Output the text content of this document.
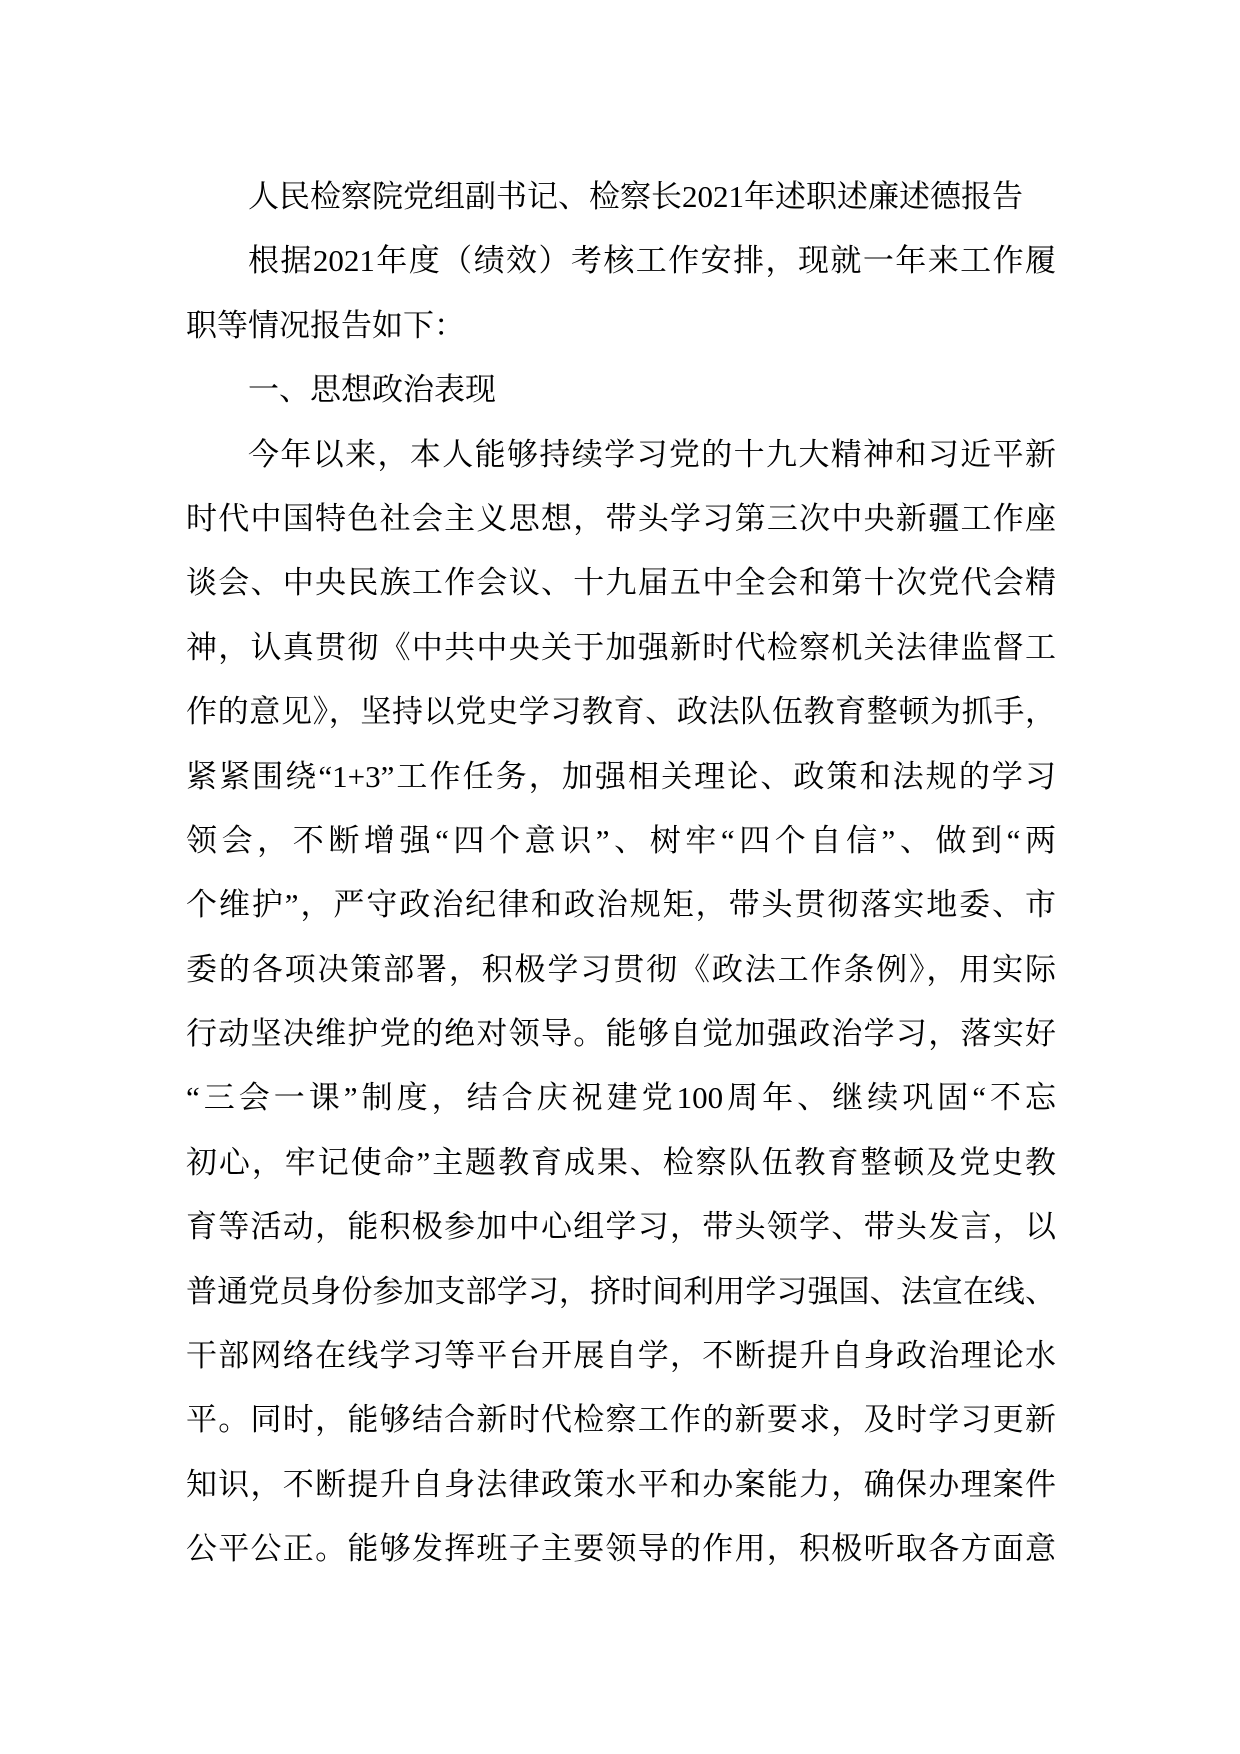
人民检察院党组副书记、检察长2021年述职述廉述德报告
根据2021年度（绩效）考核工作安排，现就一年来工作履
职等情况报告如下：
一、思想政治表现
今年以来，本人能够持续学习党的十九大精神和习近平新
时代中国特色社会主义思想，带头学习第三次中央新疆工作座
谈会、中央民族工作会议、十九届五中全会和第十次党代会精
神，认真贯彻《中共中央关于加强新时代检察机关法律监督工
作的意见》，坚持以党史学习教育、政法队伍教育整顿为抓手，
紧紧围绕“1+3”工作任务，加强相关理论、政策和法规的学习
领会，不断增强“四个意识”、树牢“四个自信”、做到“两
个维护”，严守政治纪律和政治规矩，带头贯彻落实地委、市
委的各项决策部署，积极学习贯彻《政法工作条例》，用实际
行动坚决维护党的绝对领导。能够自觉加强政治学习，落实好
“三会一课”制度，结合庆祝建党100周年、继续巩固“不忘
初心，牢记使命”主题教育成果、检察队伍教育整顿及党史教
育等活动，能积极参加中心组学习，带头领学、带头发言，以
普通党员身份参加支部学习，挤时间利用学习强国、法宣在线、
干部网络在线学习等平台开展自学，不断提升自身政治理论水
平。同时，能够结合新时代检察工作的新要求，及时学习更新
知识，不断提升自身法律政策水平和办案能力，确保办理案件
公平公正。能够发挥班子主要领导的作用，积极听取各方面意
